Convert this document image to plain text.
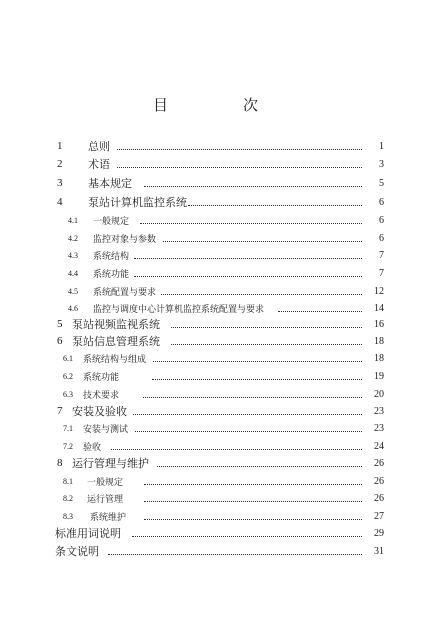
目　次
1 总则	1
2 术语	3
3 基本规定	5
4 泵站计算机监控系统	6
4.1 一般规定	6
4.2 监控对象与参数	6
4.3 系统结构	7
4.4 系统功能	7
4.5 系统配置与要求	12
4.6 监控与调度中心计算机监控系统配置与要求	14
5 泵站视频监视系统	16
6 泵站信息管理系统	18
6.1 系统结构与组成	18
6.2 系统功能	19
6.3 技术要求	20
7 安装及验收	23
7.1 安装与测试	23
7.2 验收	24
8 运行管理与维护	26
8.1 一般规定	26
8.2 运行管理	26
8.3 系统维护	27
标准用词说明	29
条文说明	31
